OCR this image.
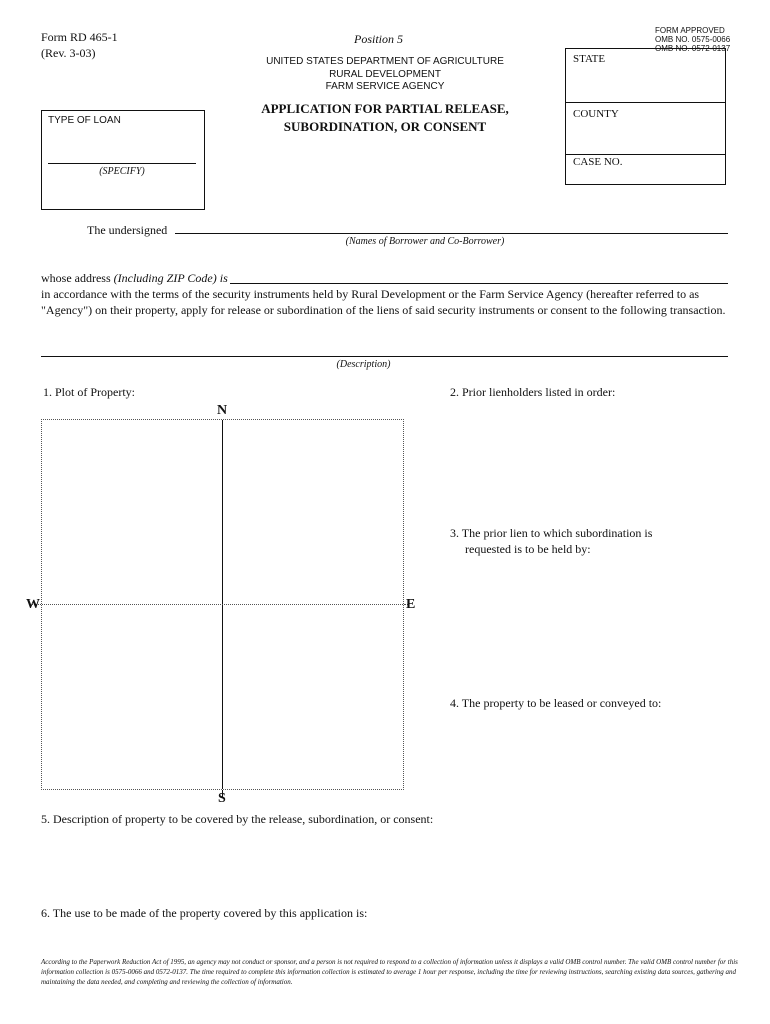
Form RD 465-1
(Rev. 3-03)
Position 5
FORM APPROVED
OMB NO. 0575-0066
OMB NO. 0572-0137
UNITED STATES DEPARTMENT OF AGRICULTURE
RURAL DEVELOPMENT
FARM SERVICE AGENCY
APPLICATION FOR PARTIAL RELEASE,
SUBORDINATION, OR CONSENT
STATE
COUNTY
CASE NO.
TYPE OF LOAN
(SPECIFY)
The undersigned
(Names of Borrower and Co-Borrower)
whose address (Including ZIP Code) is
in accordance with the terms of the security instruments held by Rural Development or the Farm Service Agency (hereafter referred to as "Agency") on their property, apply for release or subordination of the liens of said security instruments or consent to the following transaction.
(Description)
1. Plot of Property:	2. Prior lienholders listed in order:
N
W	E
S
3. The prior lien to which subordination is
requested is to be held by:
4. The property to be leased or conveyed to:
5. Description of property to be covered by the release, subordination, or consent:
6. The use to be made of the property covered by this application is:
According to the Paperwork Reduction Act of 1995, an agency may not conduct or sponsor, and a person is not required to respond to a collection of information unless it displays a valid OMB control number. The valid OMB control number for this information collection is 0575-0066 and 0572-0137. The time required to complete this information collection is estimated to average 1 hour per response, including the time for reviewing instructions, searching existing data sources, gathering and maintaining the data needed, and completing and reviewing the collection of information.
